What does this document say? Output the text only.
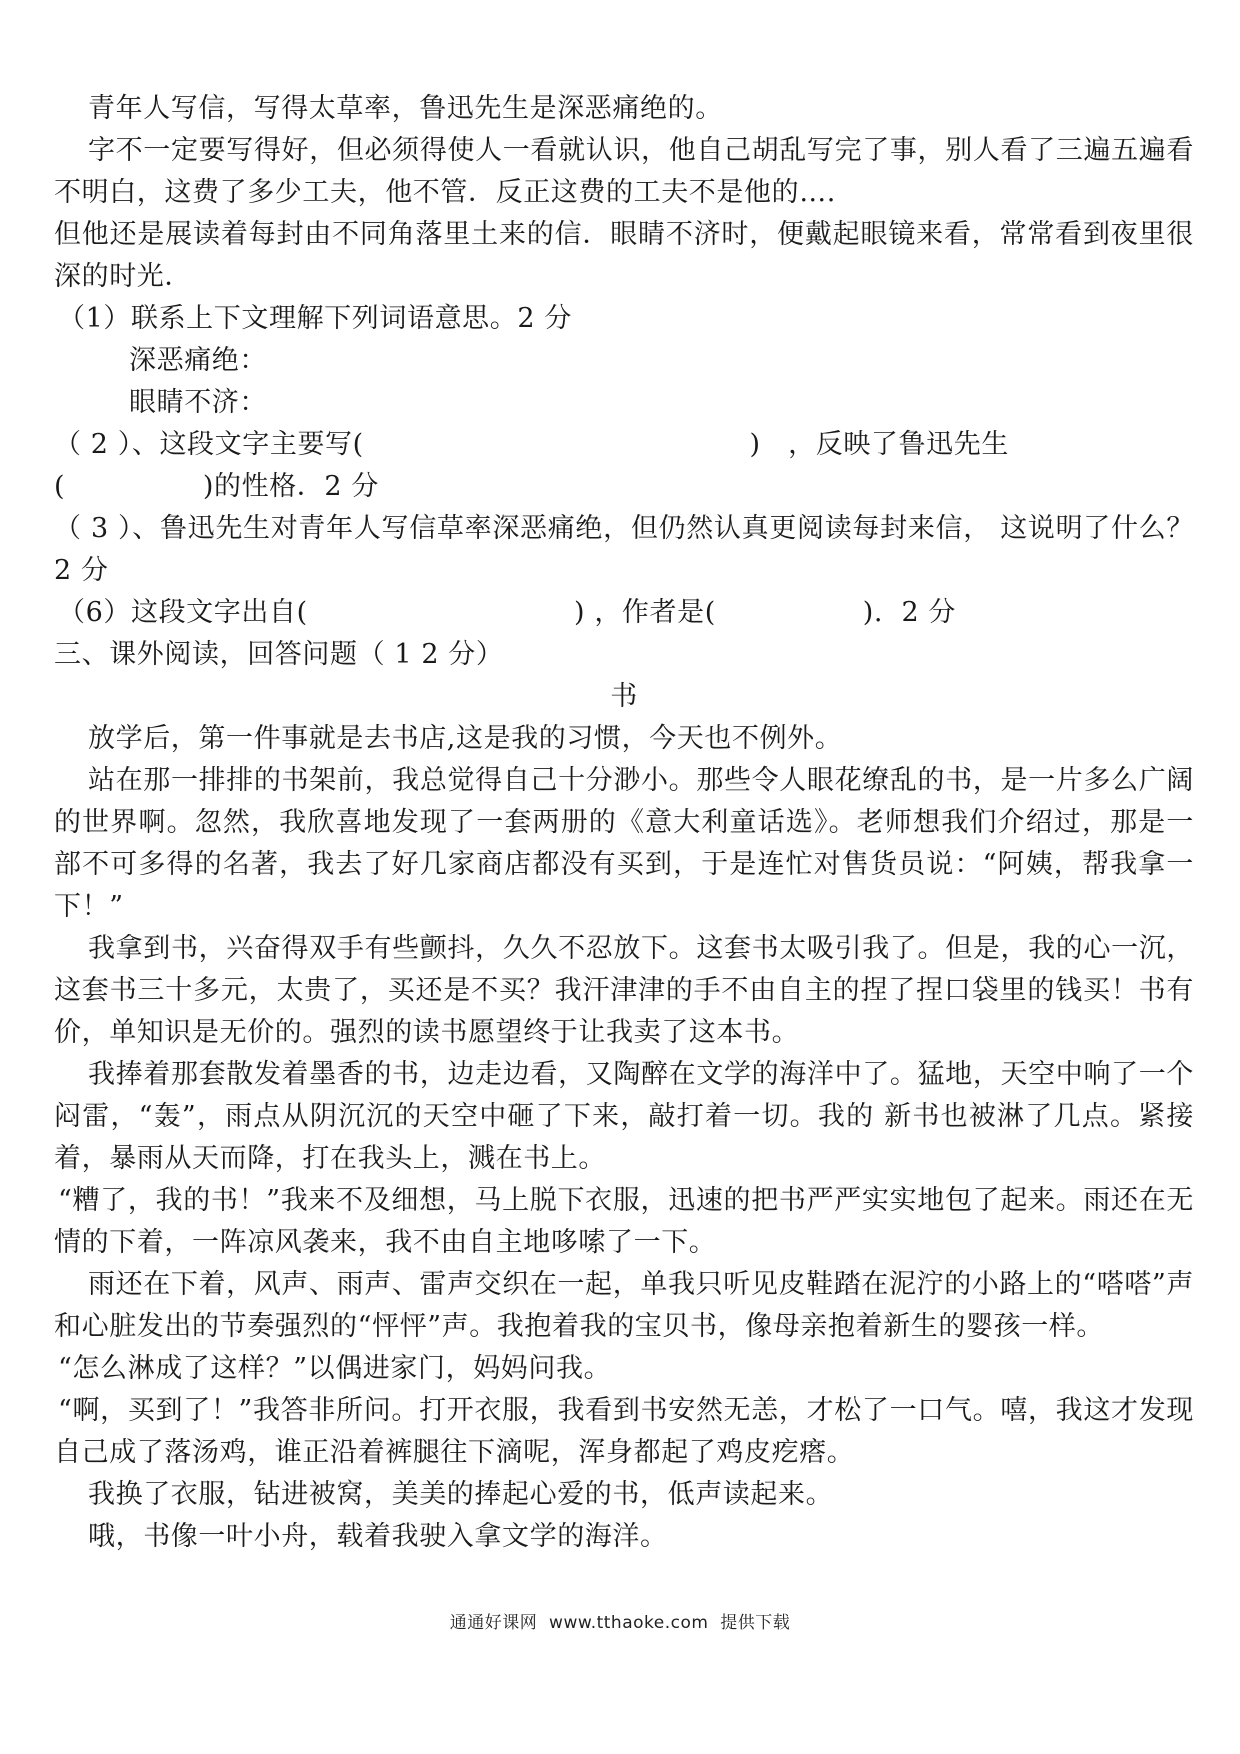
青年人写信，写得太草率，鲁迅先生是深恶痛绝的。

字不一定要写得好，但必须得使人一看就认识，他自己胡乱写完了事，别人看了三遍五遍看不明白，这费了多少工夫，他不管．反正这费的工夫不是他的….

但他还是展读着每封由不同角落里土来的信．眼睛不济时，便戴起眼镜来看，常常看到夜里很深的时光．

（1）联系上下文理解下列词语意思。2 分

深恶痛绝：

眼睛不济：

（ 2 ）、这段文字主要写(                                          )   ，反映了鲁迅先生

(               )的性格．2 分

（ 3 ）、鲁迅先生对青年人写信草率深恶痛绝，但仍然认真更阅读每封来信， 这说明了什么？2 分

（6）这段文字出自(                             ) ，作者是(                ).  2 分

三、课外阅读，回答问题（ 1 2 分）

书

放学后，第一件事就是去书店,这是我的习惯，今天也不例外。

站在那一排排的书架前，我总觉得自己十分渺小。那些令人眼花缭乱的书，是一片多么广阔的世界啊。忽然，我欣喜地发现了一套两册的《意大利童话选》。老师想我们介绍过，那是一部不可多得的名著，我去了好几家商店都没有买到，于是连忙对售货员说：“阿姨，帮我拿一下！”

我拿到书，兴奋得双手有些颤抖，久久不忍放下。这套书太吸引我了。但是，我的心一沉，这套书三十多元，太贵了，买还是不买？我汗津津的手不由自主的捏了捏口袋里的钱买！书有价，单知识是无价的。强烈的读书愿望终于让我卖了这本书。

我捧着那套散发着墨香的书，边走边看，又陶醉在文学的海洋中了。猛地，天空中响了一个闷雷，“轰”，雨点从阴沉沉的天空中砸了下来，敲打着一切。我的 新书也被淋了几点。紧接着，暴雨从天而降，打在我头上，溅在书上。

“糟了，我的书！”我来不及细想，马上脱下衣服，迅速的把书严严实实地包了起来。雨还在无情的下着，一阵凉风袭来，我不由自主地哆嗦了一下。

雨还在下着，风声、雨声、雷声交织在一起，单我只听见皮鞋踏在泥泞的小路上的“嗒嗒”声和心脏发出的节奏强烈的“怦怦”声。我抱着我的宝贝书，像母亲抱着新生的婴孩一样。

“怎么淋成了这样？”以偶进家门，妈妈问我。

“啊，买到了！”我答非所问。打开衣服，我看到书安然无恙，才松了一口气。嘻，我这才发现自己成了落汤鸡，谁正沿着裤腿往下滴呢，浑身都起了鸡皮疙瘩。

我换了衣服，钻进被窝，美美的捧起心爱的书，低声读起来。

哦，书像一叶小舟，载着我驶入拿文学的海洋。

通通好课网  www.tthaoke.com  提供下载
